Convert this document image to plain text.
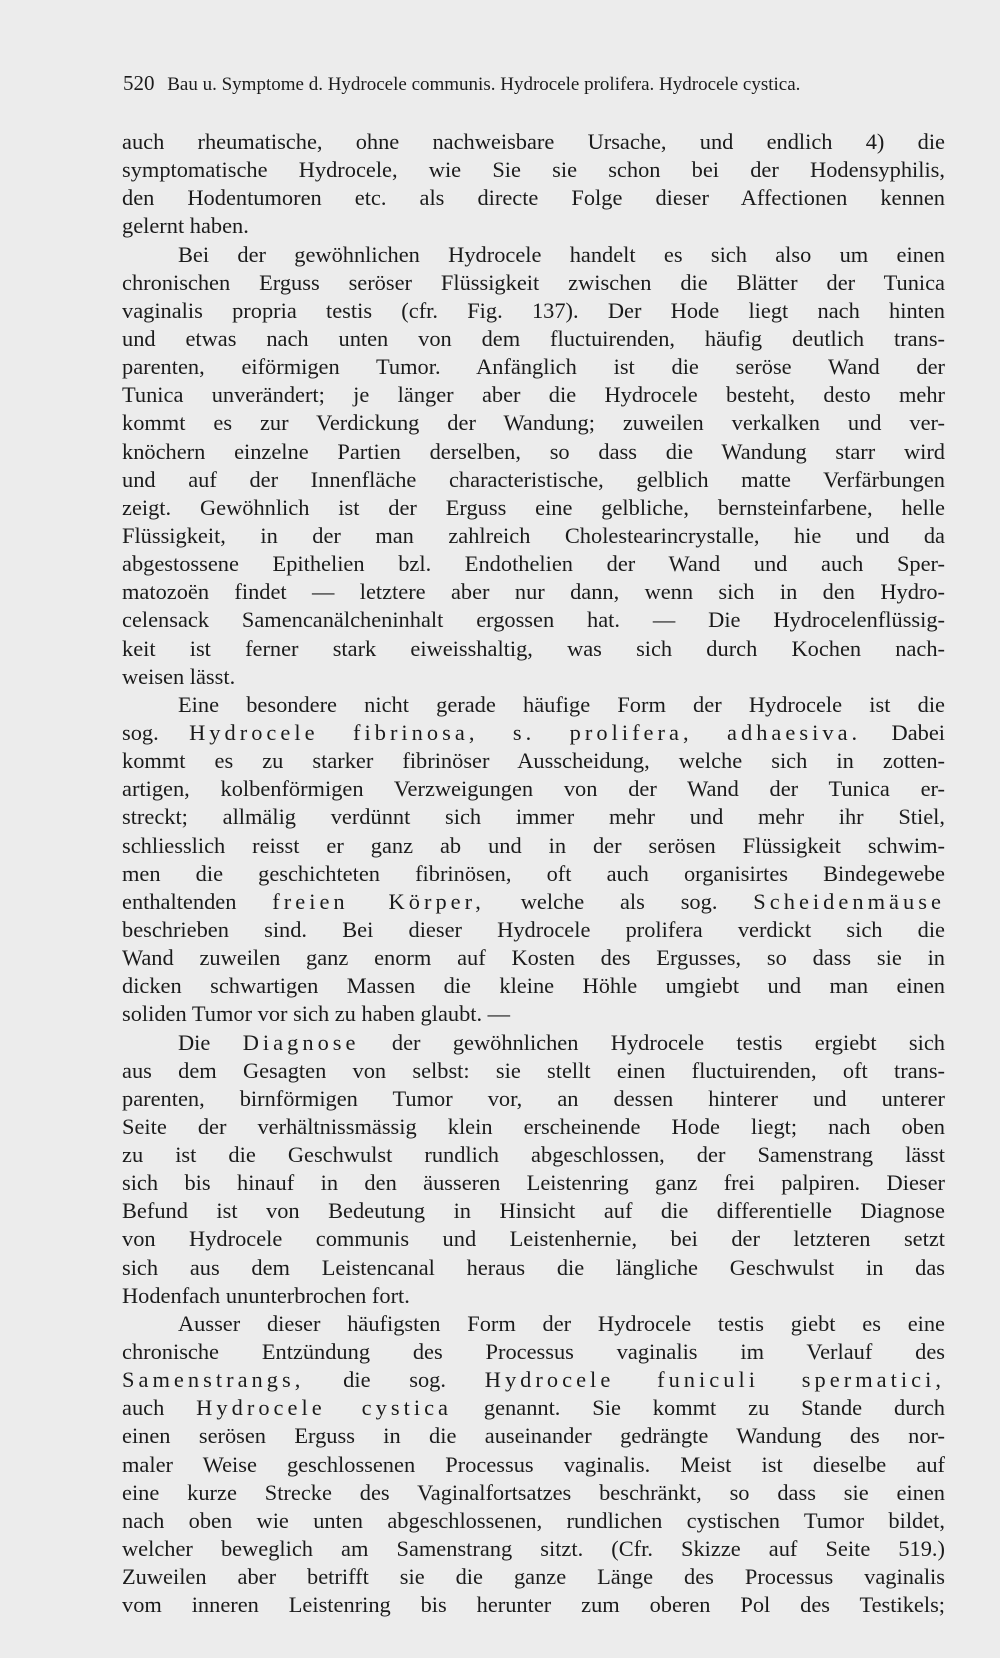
520 Bau u. Symptome d. Hydrocele communis. Hydrocele prolifera. Hydrocele cystica.
auch rheumatische, ohne nachweisbare Ursache, und endlich 4) die
symptomatische Hydrocele, wie Sie sie schon bei der Hodensyphilis,
den Hodentumoren etc. als directe Folge dieser Affectionen kennen
gelernt haben.
Bei der gewöhnlichen Hydrocele handelt es sich also um einen
chronischen Erguss seröser Flüssigkeit zwischen die Blätter der Tunica
vaginalis propria testis (cfr. Fig. 137). Der Hode liegt nach hinten
und etwas nach unten von dem fluctuirenden, häufig deutlich trans-
parenten, eiförmigen Tumor. Anfänglich ist die seröse Wand der
Tunica unverändert; je länger aber die Hydrocele besteht, desto mehr
kommt es zur Verdickung der Wandung; zuweilen verkalken und ver-
knöchern einzelne Partien derselben, so dass die Wandung starr wird
und auf der Innenfläche characteristische, gelblich matte Verfärbungen
zeigt. Gewöhnlich ist der Erguss eine gelbliche, bernsteinfarbene, helle
Flüssigkeit, in der man zahlreich Cholestearincrystalle, hie und da
abgestossene Epithelien bzl. Endothelien der Wand und auch Sper-
matozoën findet — letztere aber nur dann, wenn sich in den Hydro-
celensack Samencanälcheninhalt ergossen hat. — Die Hydrocelenflüssig-
keit ist ferner stark eiweisshaltig, was sich durch Kochen nach-
weisen lässt.
Eine besondere nicht gerade häufige Form der Hydrocele ist die
sog. Hydrocele fibrinosa, s. prolifera, adhaesiva. Dabei
kommt es zu starker fibrinöser Ausscheidung, welche sich in zotten-
artigen, kolbenförmigen Verzweigungen von der Wand der Tunica er-
streckt; allmälig verdünnt sich immer mehr und mehr ihr Stiel,
schliesslich reisst er ganz ab und in der serösen Flüssigkeit schwim-
men die geschichteten fibrinösen, oft auch organisirtes Bindegewebe
enthaltenden freien Körper, welche als sog. Scheidenmäuse
beschrieben sind. Bei dieser Hydrocele prolifera verdickt sich die
Wand zuweilen ganz enorm auf Kosten des Ergusses, so dass sie in
dicken schwartigen Massen die kleine Höhle umgiebt und man einen
soliden Tumor vor sich zu haben glaubt. —
Die Diagnose der gewöhnlichen Hydrocele testis ergiebt sich
aus dem Gesagten von selbst: sie stellt einen fluctuirenden, oft trans-
parenten, birnförmigen Tumor vor, an dessen hinterer und unterer
Seite der verhältnissmässig klein erscheinende Hode liegt; nach oben
zu ist die Geschwulst rundlich abgeschlossen, der Samenstrang lässt
sich bis hinauf in den äusseren Leistenring ganz frei palpiren. Dieser
Befund ist von Bedeutung in Hinsicht auf die differentielle Diagnose
von Hydrocele communis und Leistenhernie, bei der letzteren setzt
sich aus dem Leistencanal heraus die längliche Geschwulst in das
Hodenfach ununterbrochen fort.
Ausser dieser häufigsten Form der Hydrocele testis giebt es eine
chronische Entzündung des Processus vaginalis im Verlauf des
Samenstrangs, die sog. Hydrocele funiculi spermatici,
auch Hydrocele cystica genannt. Sie kommt zu Stande durch
einen serösen Erguss in die auseinander gedrängte Wandung des nor-
maler Weise geschlossenen Processus vaginalis. Meist ist dieselbe auf
eine kurze Strecke des Vaginalfortsatzes beschränkt, so dass sie einen
nach oben wie unten abgeschlossenen, rundlichen cystischen Tumor bildet,
welcher beweglich am Samenstrang sitzt. (Cfr. Skizze auf Seite 519.)
Zuweilen aber betrifft sie die ganze Länge des Processus vaginalis
vom inneren Leistenring bis herunter zum oberen Pol des Testikels;
